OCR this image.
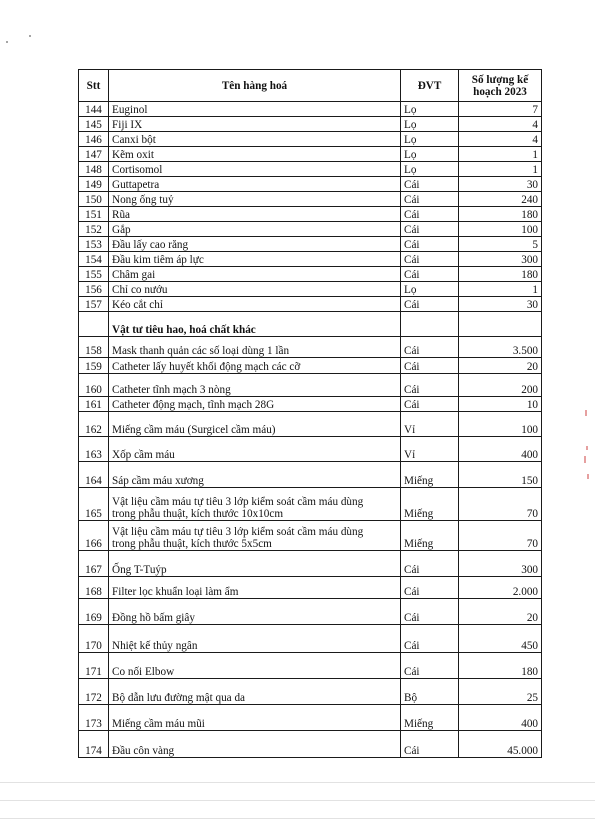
Stt	Tên hàng hoá	ĐVT	Số lượng kế
hoạch 2023

144	Euginol	Lọ	7
145	Fiji IX	Lọ	4
146	Canxi bột	Lọ	4
147	Kẽm oxit	Lọ	1
148	Cortisomol	Lọ	1
149	Guttapetra	Cái	30
150	Nong ống tuỷ	Cái	240
151	Rũa	Cái	180
152	Gắp	Cái	100
153	Đầu lấy cao răng	Cái	5
154	Đầu kim tiêm áp lực	Cái	300
155	Châm gai	Cái	180
156	Chỉ co nướu	Lọ	1
157	Kéo cắt chỉ	Cái	30
	Vật tư tiêu hao, hoá chất khác		
158	Mask thanh quản các số loại dùng 1 lần	Cái	3.500
159	Catheter lấy huyết khối động mạch các cỡ	Cái	20
160	Catheter tĩnh mạch 3 nòng	Cái	200
161	Catheter động mạch, tĩnh mạch 28G	Cái	10
162	Miếng cầm máu (Surgicel cầm máu)	Vỉ	100
163	Xốp cầm máu	Vỉ	400
164	Sáp cầm máu xương	Miếng	150
165	Vật liệu cầm máu tự tiêu 3 lớp kiểm soát cầm máu dùng
trong phẫu thuật, kích thước 10x10cm	Miếng	70
166	Vật liệu cầm máu tự tiêu 3 lớp kiểm soát cầm máu dùng
trong phẫu thuật, kích thước 5x5cm	Miếng	70
167	Ống T-Tuýp	Cái	300
168	Filter lọc khuẩn loại làm ẩm	Cái	2.000
169	Đồng hồ bấm giây	Cái	20
170	Nhiệt kế thủy ngân	Cái	450
171	Co nối Elbow	Cái	180
172	Bộ dẫn lưu đường mật qua da	Bộ	25
173	Miếng cầm máu mũi	Miếng	400
174	Đầu côn vàng	Cái	45.000
